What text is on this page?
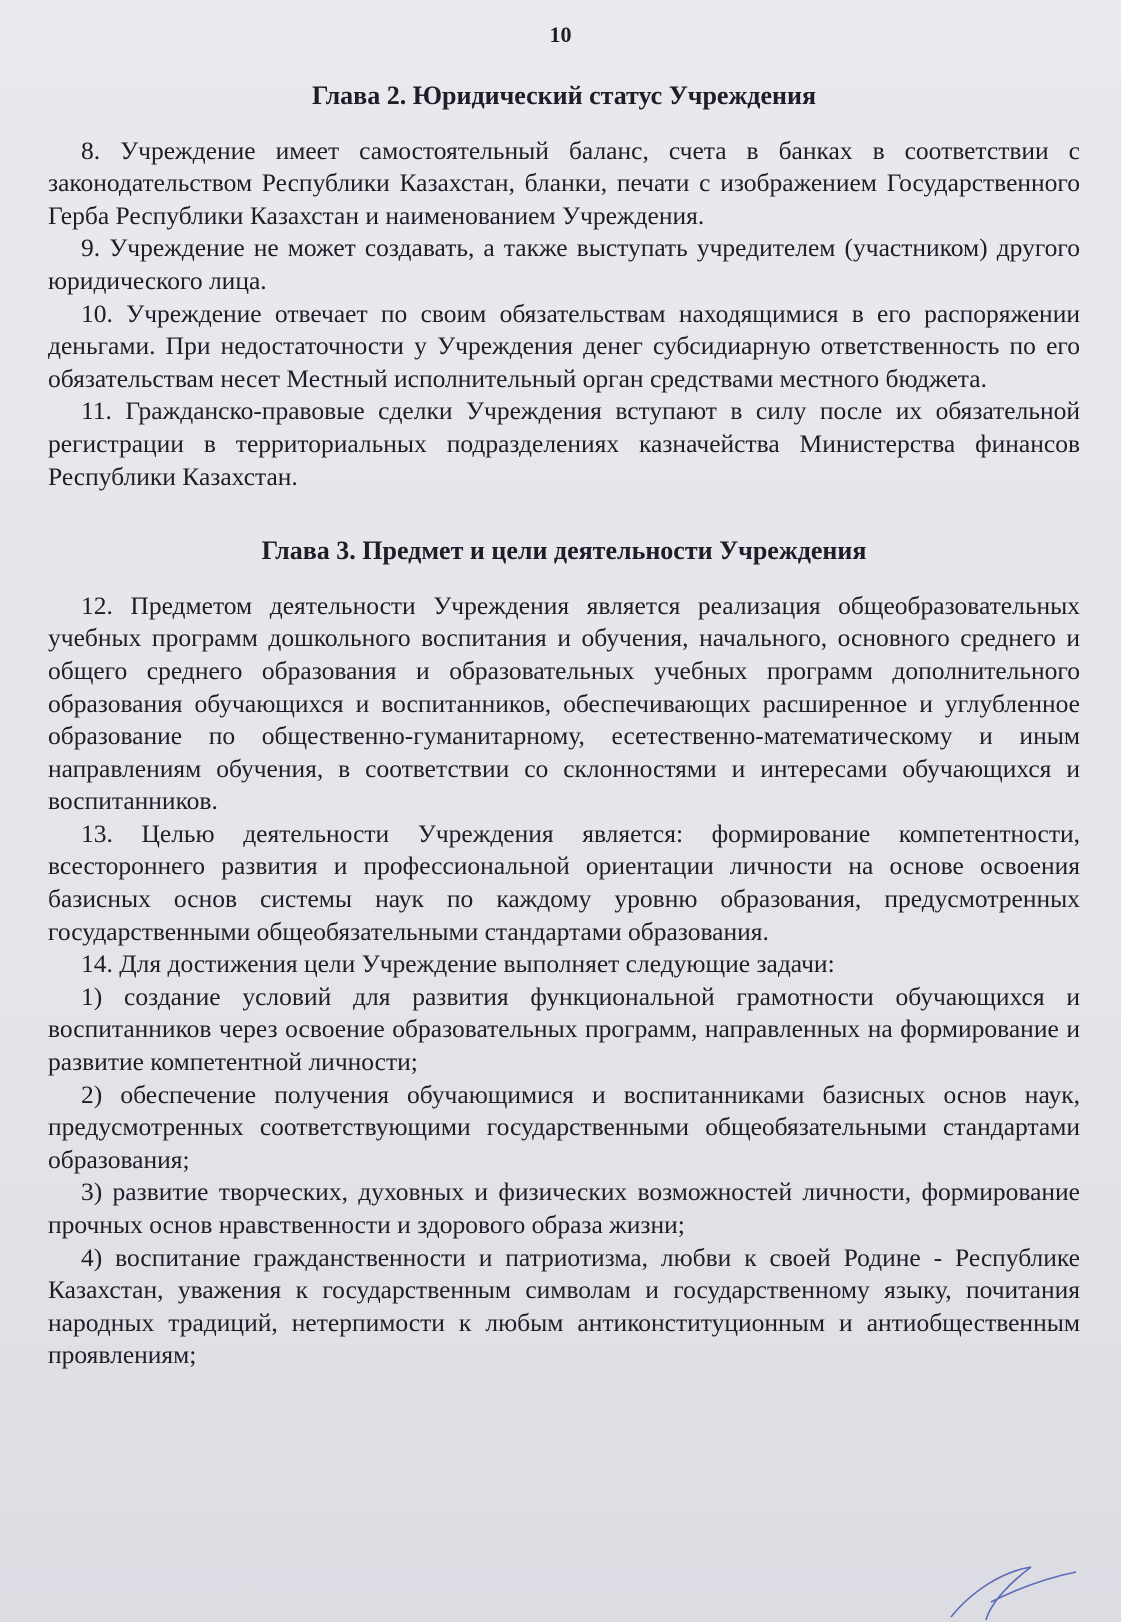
10
Глава 2. Юридический статус Учреждения

8. Учреждение имеет самостоятельный баланс, счета в банках в соответствии с законодательством Республики Казахстан, бланки, печати с изображением Государственного Герба Республики Казахстан и наименованием Учреждения.

9. Учреждение не может создавать, а также выступать учредителем (участником) другого юридического лица.

10. Учреждение отвечает по своим обязательствам находящимися в его распоряжении деньгами. При недостаточности у Учреждения денег субсидиарную ответственность по его обязательствам несет Местный исполнительный орган средствами местного бюджета.

11. Гражданско-правовые сделки Учреждения вступают в силу после их обязательной регистрации в территориальных подразделениях казначейства Министерства финансов Республики Казахстан.

Глава 3. Предмет и цели деятельности Учреждения

12. Предметом деятельности Учреждения является реализация общеобразовательных учебных программ дошкольного воспитания и обучения, начального, основного среднего и общего среднего образования и образовательных учебных программ дополнительного образования обучающихся и воспитанников, обеспечивающих расширенное и углубленное образование по общественно-гуманитарному, есетественно-математическому и иным направлениям обучения, в соответствии со склонностями и интересами обучающихся и воспитанников.

13. Целью деятельности Учреждения является: формирование компетентности, всестороннего развития и профессиональной ориентации личности на основе освоения базисных основ системы наук по каждому уровню образования, предусмотренных государственными общеобязательными стандартами образования.

14. Для достижения цели Учреждение выполняет следующие задачи:

1) создание условий для развития функциональной грамотности обучающихся и воспитанников через освоение образовательных программ, направленных на формирование и развитие компетентной личности;

2) обеспечение получения обучающимися и воспитанниками базисных основ наук, предусмотренных соответствующими государственными общеобязательными стандартами образования;

3) развитие творческих, духовных и физических возможностей личности, формирование прочных основ нравственности и здорового образа жизни;

4) воспитание гражданственности и патриотизма, любви к своей Родине - Республике Казахстан, уважения к государственным символам и государственному языку, почитания народных традиций, нетерпимости к любым антиконституционным и антиобщественным проявлениям;
